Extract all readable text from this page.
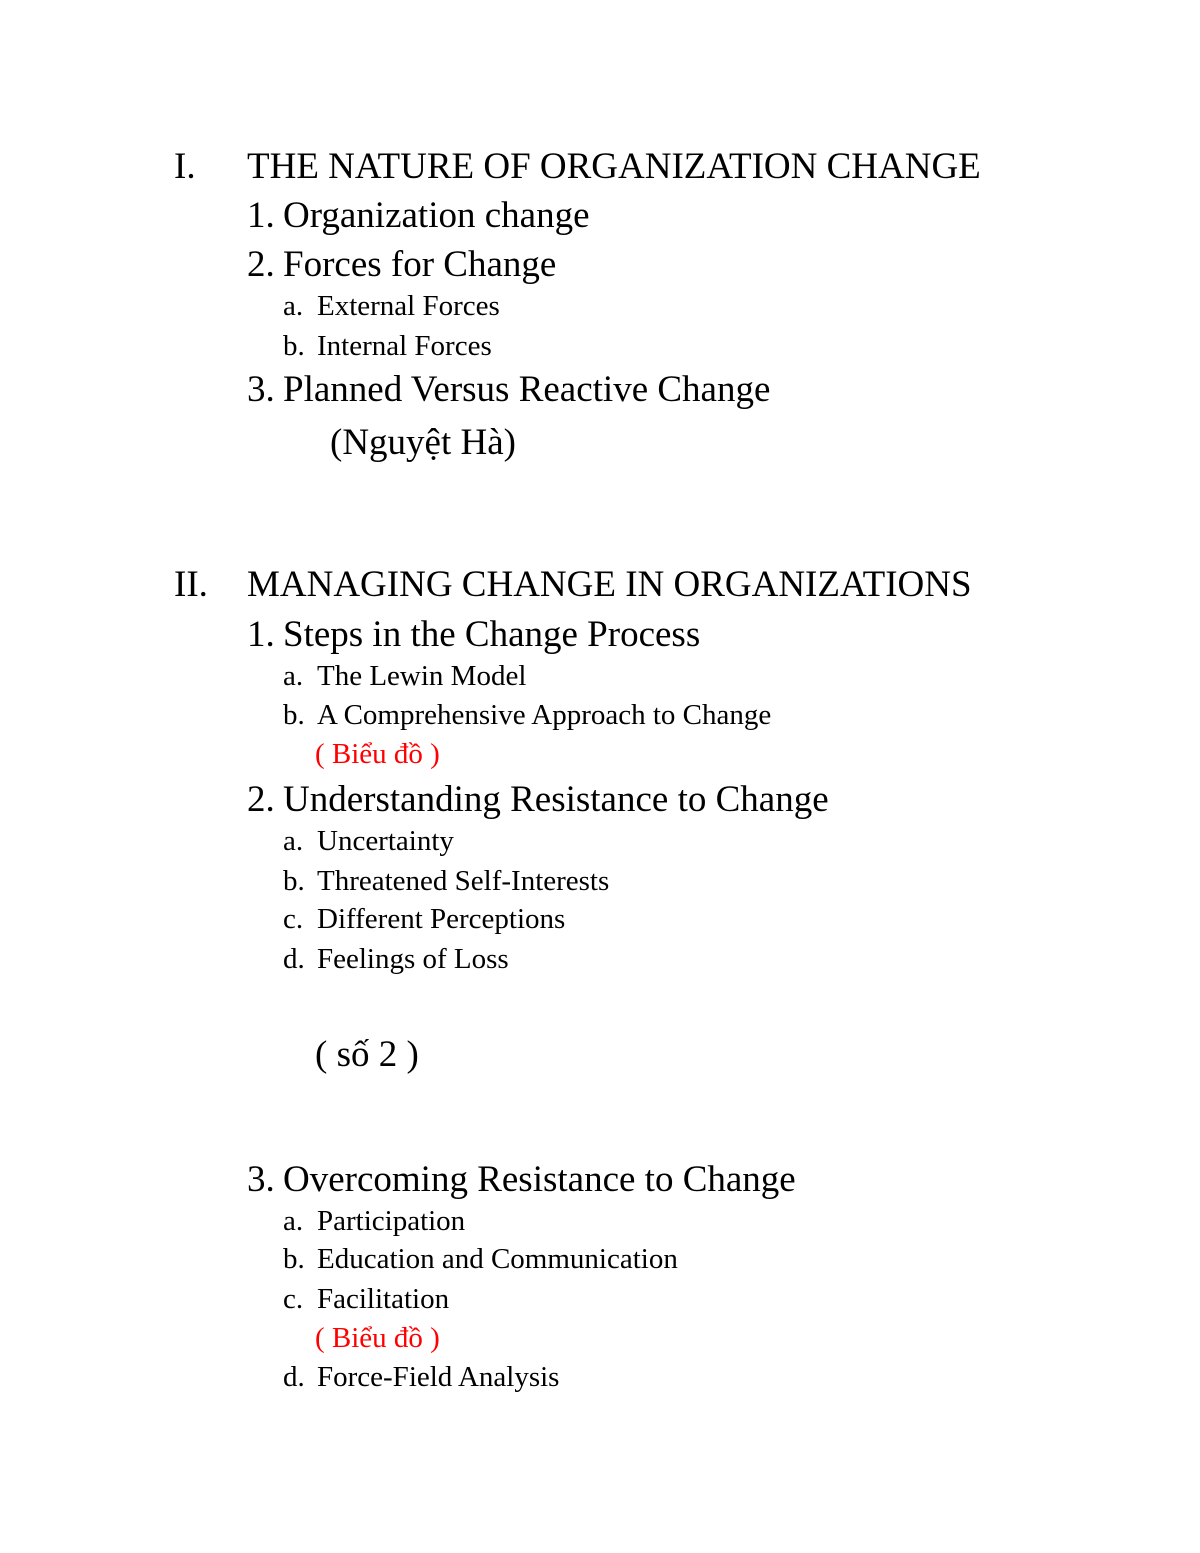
I. THE NATURE OF ORGANIZATION CHANGE
1. Organization change
2. Forces for Change
a. External Forces
b. Internal Forces
3. Planned Versus Reactive Change
(Nguyệt Hà)
II. MANAGING CHANGE IN ORGANIZATIONS
1. Steps in the Change Process
a. The Lewin Model
b. A Comprehensive Approach to Change
( Biểu đồ )
2. Understanding Resistance to Change
a. Uncertainty
b. Threatened Self-Interests
c. Different Perceptions
d. Feelings of Loss
( số 2 )
3. Overcoming Resistance to Change
a. Participation
b. Education and Communication
c. Facilitation
( Biểu đồ )
d. Force-Field Analysis
